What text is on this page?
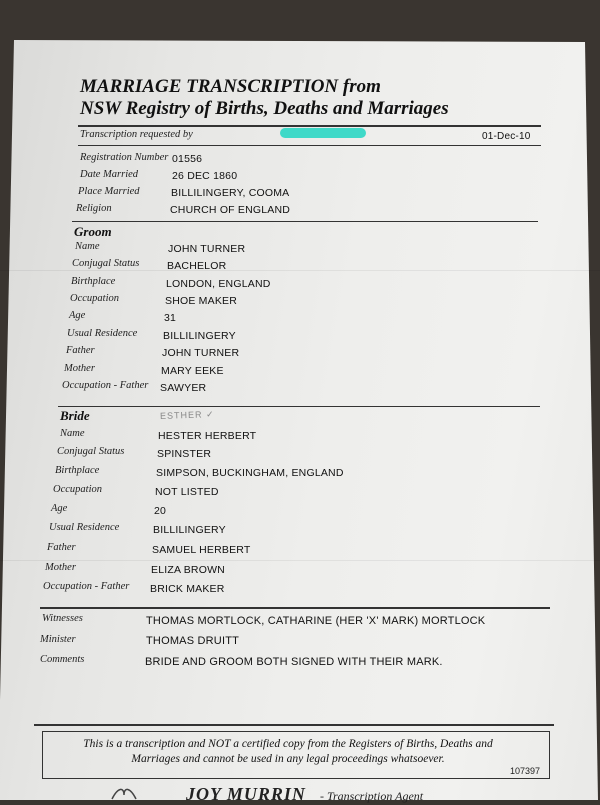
MARRIAGE TRANSCRIPTION from
NSW Registry of Births, Deaths and Marriages
Transcription requested by	01-Dec-10
Registration Number 01556
Date Married	26 DEC 1860
Place Married	BILLILINGERY, COOMA
Religion	CHURCH OF ENGLAND
Groom
Name	JOHN TURNER
Conjugal Status	BACHELOR
Birthplace	LONDON, ENGLAND
Occupation	SHOE MAKER
Age	31
Usual Residence BILLILINGERY
Father	JOHN TURNER
Mother	MARY EEKE
Occupation - Father SAWYER
Bride	ESTHER ✓
Name	HESTER HERBERT
Conjugal Status	SPINSTER
Birthplace	SIMPSON, BUCKINGHAM, ENGLAND
Occupation	NOT LISTED
Age	20
Usual Residence	BILLILINGERY
Father	SAMUEL HERBERT
Mother	ELIZA BROWN
Occupation - Father BRICK MAKER
Witnesses	THOMAS MORTLOCK, CATHARINE (HER 'X' MARK) MORTLOCK
Minister	THOMAS DRUITT
Comments	BRIDE AND GROOM BOTH SIGNED WITH THEIR MARK.
This is a transcription and NOT a certified copy from the Registers of Births, Deaths and
Marriages and cannot be used in any legal proceedings whatsoever.
107397
JOY MURRIN - Transcription Agent
